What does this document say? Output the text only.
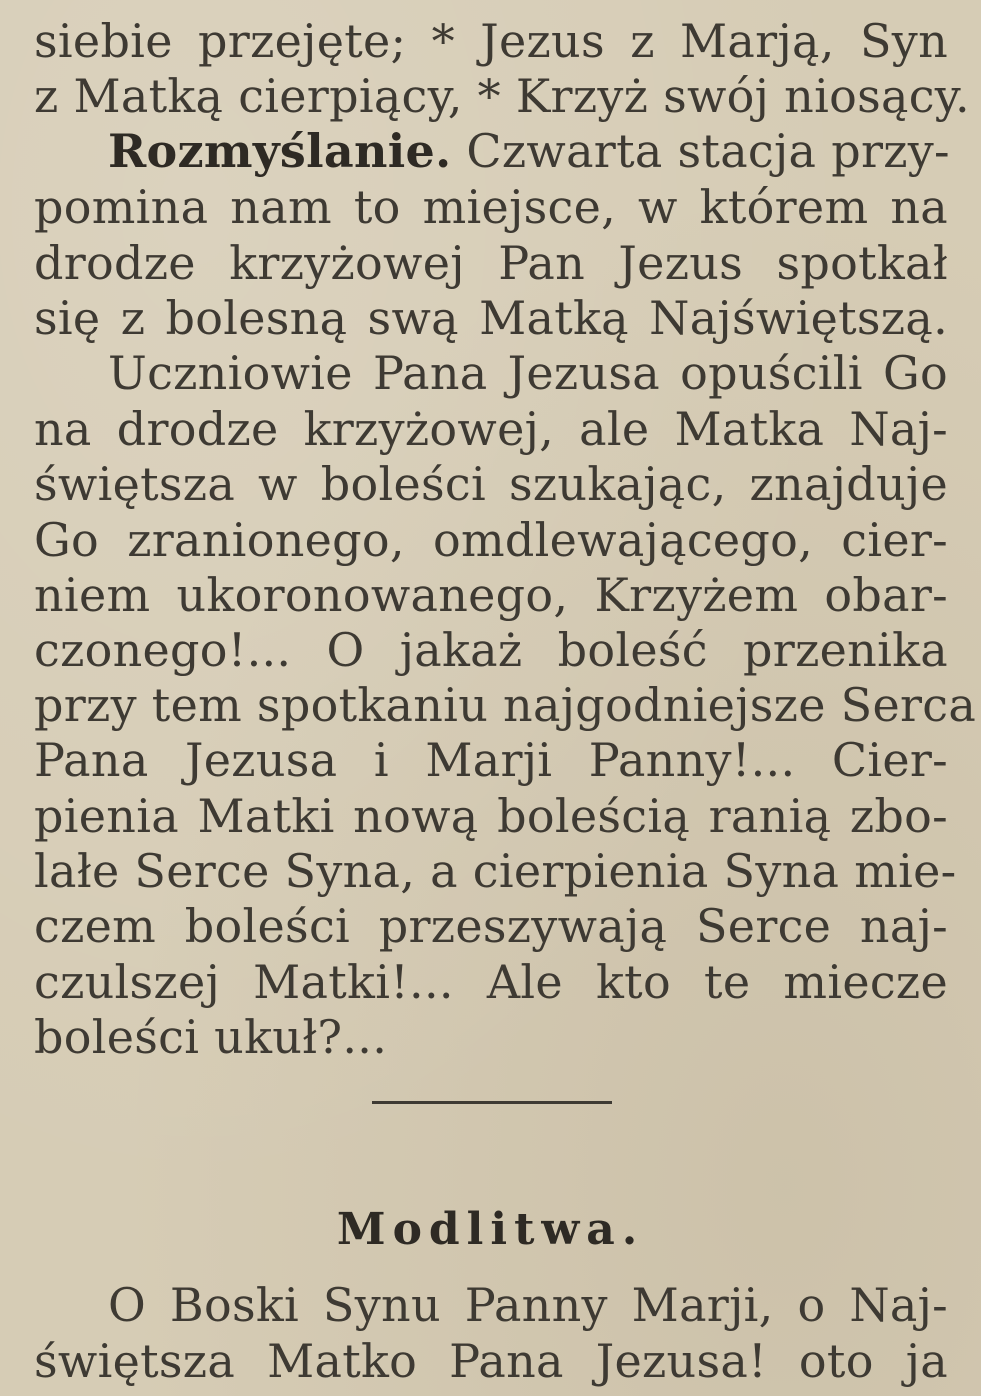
siebie przejęte; * Jezus z Marją, Syn
z Matką cierpiący, * Krzyż swój niosący.
Rozmyślanie. Czwarta stacja przy-
pomina nam to miejsce, w którem na
drodze krzyżowej Pan Jezus spotkał
się z bolesną swą Matką Najświętszą.
Uczniowie Pana Jezusa opuścili Go
na drodze krzyżowej, ale Matka Naj-
świętsza w boleści szukając, znajduje
Go zranionego, omdlewającego, cier-
niem ukoronowanego, Krzyżem obar-
czonego!... O jakaż boleść przenika
przy tem spotkaniu najgodniejsze Serca
Pana Jezusa i Marji Panny!... Cier-
pienia Matki nową boleścią ranią zbo-
lałe Serce Syna, a cierpienia Syna mie-
czem boleści przeszywają Serce naj-
czulszej Matki!... Ale kto te miecze
boleści ukuł?...
Modlitwa.
O Boski Synu Panny Marji, o Naj-
świętsza Matko Pana Jezusa! oto ja
